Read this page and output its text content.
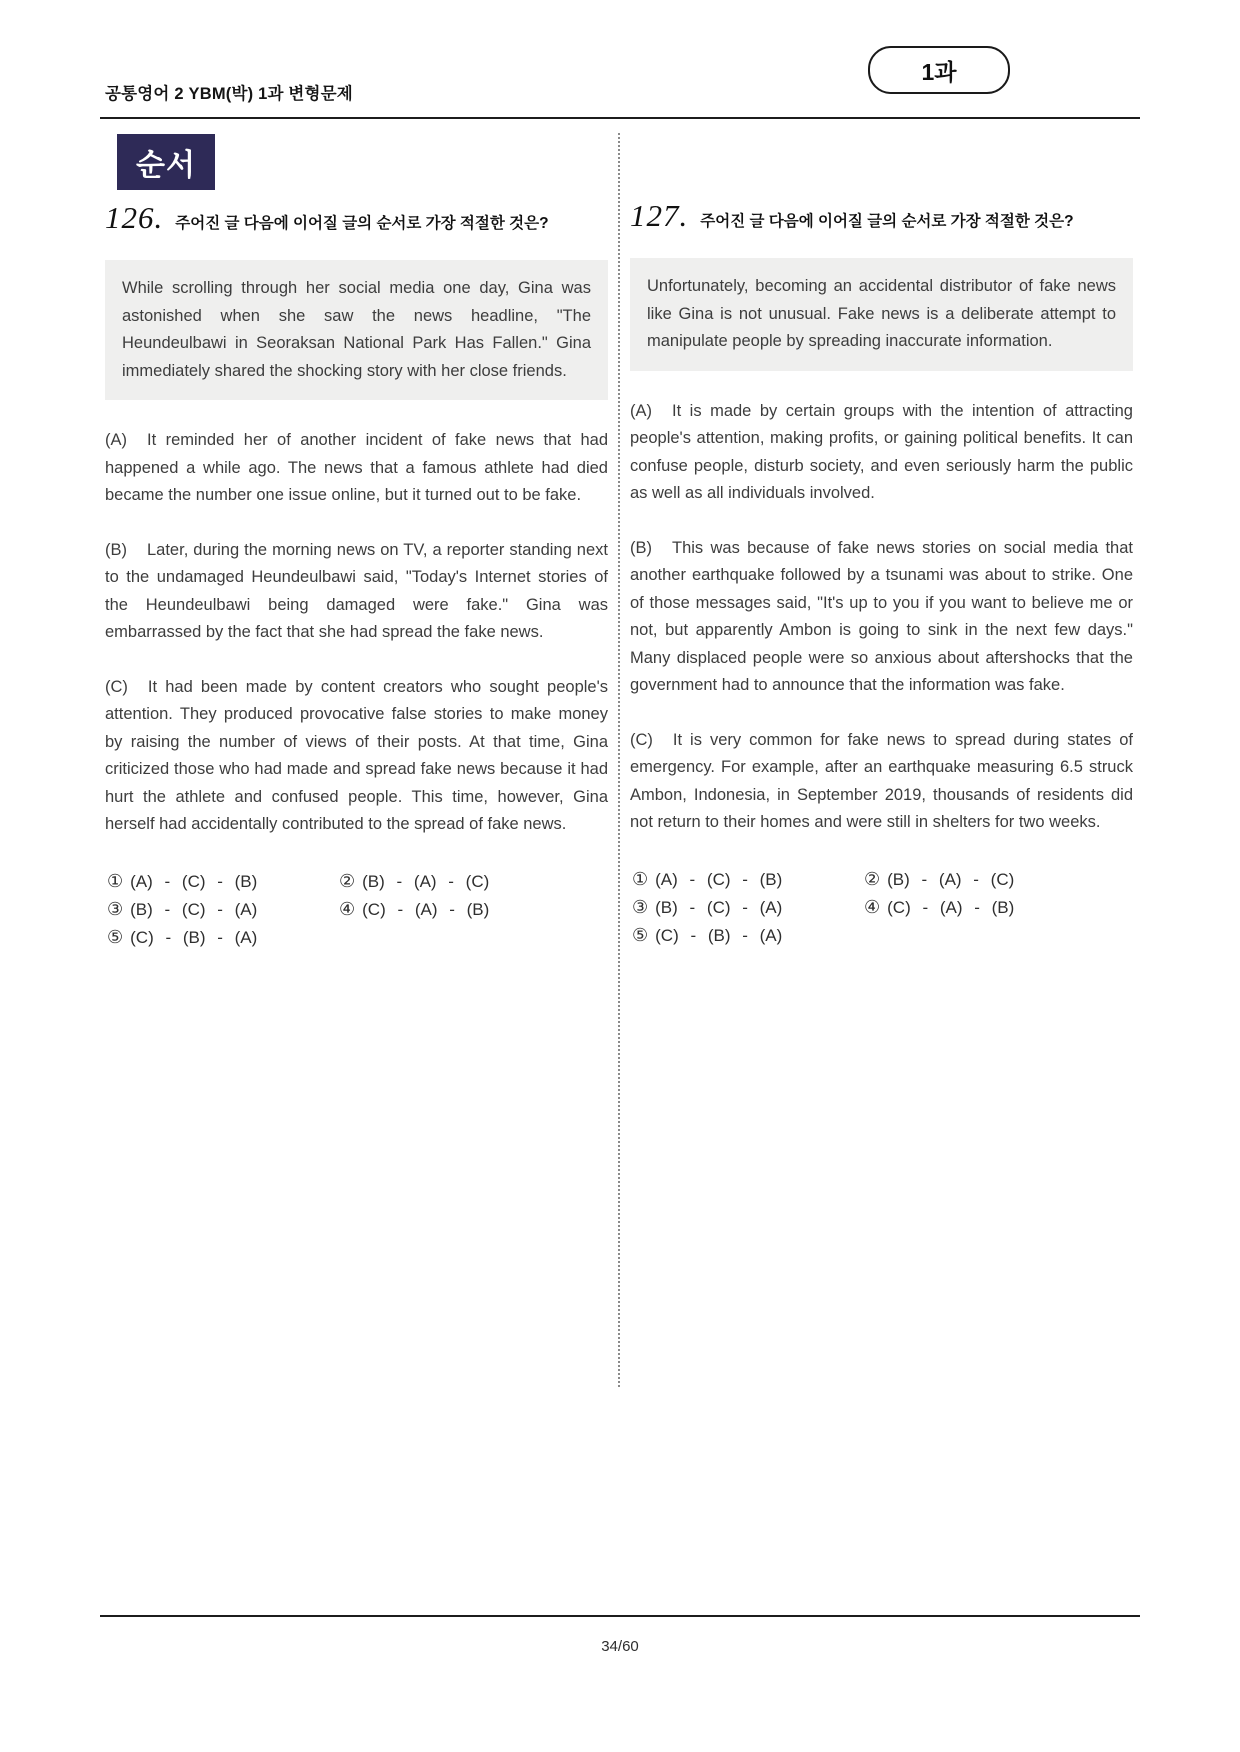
공통영어 2 YBM(박) 1과 변형문제
1과
순서
126. 주어진 글 다음에 이어질 글의 순서로 가장 적절한 것은?
While scrolling through her social media one day, Gina was astonished when she saw the news headline, "The Heundeulbawi in Seoraksan National Park Has Fallen." Gina immediately shared the shocking story with her close friends.
(A) It reminded her of another incident of fake news that had happened a while ago. The news that a famous athlete had died became the number one issue online, but it turned out to be fake.
(B) Later, during the morning news on TV, a reporter standing next to the undamaged Heundeulbawi said, "Today's Internet stories of the Heundeulbawi being damaged were fake." Gina was embarrassed by the fact that she had spread the fake news.
(C) It had been made by content creators who sought people's attention. They produced provocative false stories to make money by raising the number of views of their posts. At that time, Gina criticized those who had made and spread fake news because it had hurt the athlete and confused people. This time, however, Gina herself had accidentally contributed to the spread of fake news.
① (A) - (C) - (B)	② (B) - (A) - (C)
③ (B) - (C) - (A)	④ (C) - (A) - (B)
⑤ (C) - (B) - (A)
127. 주어진 글 다음에 이어질 글의 순서로 가장 적절한 것은?
Unfortunately, becoming an accidental distributor of fake news like Gina is not unusual. Fake news is a deliberate attempt to manipulate people by spreading inaccurate information.
(A) It is made by certain groups with the intention of attracting people's attention, making profits, or gaining political benefits. It can confuse people, disturb society, and even seriously harm the public as well as all individuals involved.
(B) This was because of fake news stories on social media that another earthquake followed by a tsunami was about to strike. One of those messages said, "It's up to you if you want to believe me or not, but apparently Ambon is going to sink in the next few days." Many displaced people were so anxious about aftershocks that the government had to announce that the information was fake.
(C) It is very common for fake news to spread during states of emergency. For example, after an earthquake measuring 6.5 struck Ambon, Indonesia, in September 2019, thousands of residents did not return to their homes and were still in shelters for two weeks.
① (A) - (C) - (B)	② (B) - (A) - (C)
③ (B) - (C) - (A)	④ (C) - (A) - (B)
⑤ (C) - (B) - (A)
34/60
